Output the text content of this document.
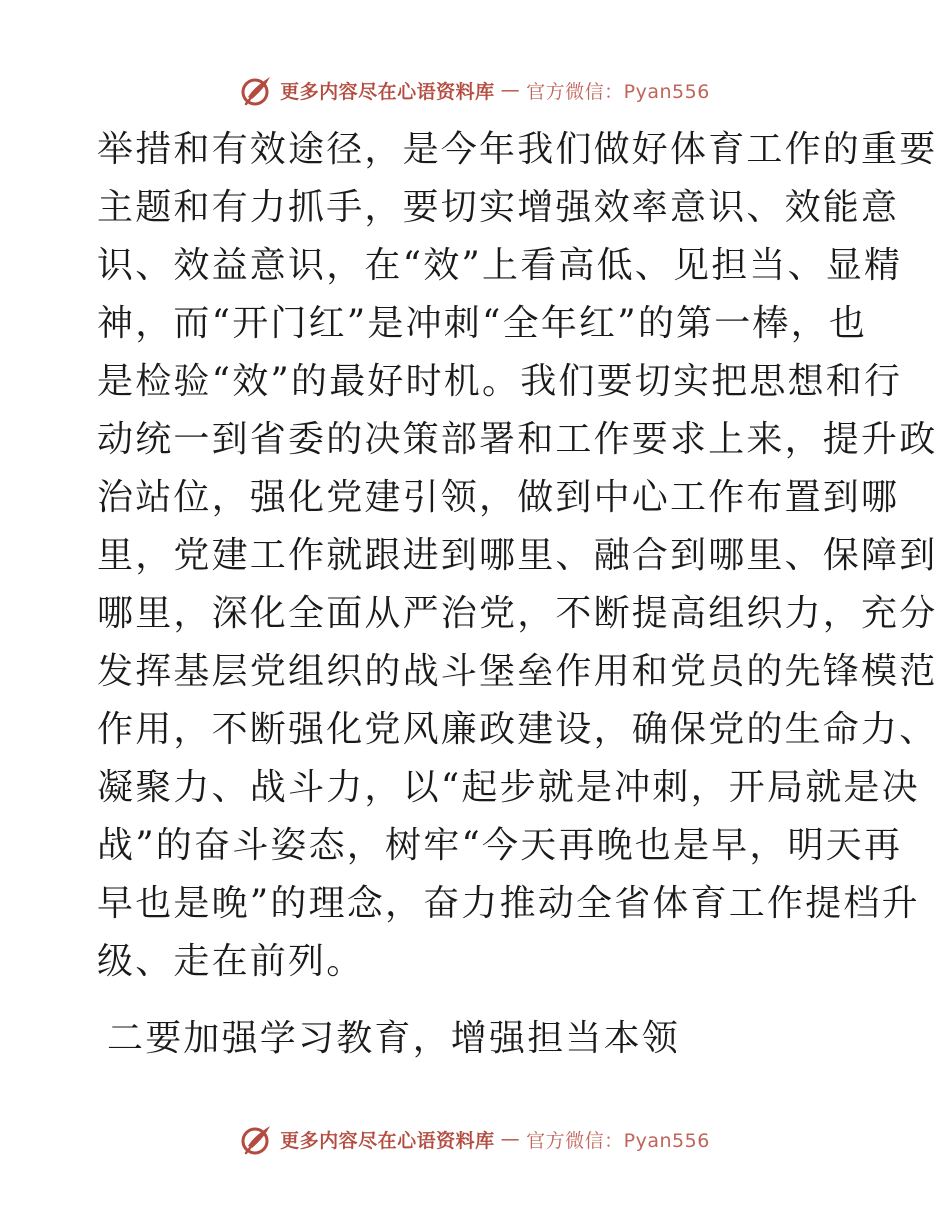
更多内容尽在心语资料库 — 官方微信：Pyan556
举措和有效途径，是今年我们做好体育工作的重要
主题和有力抓手，要切实增强效率意识、效能意
识、效益意识，在“效”上看高低、见担当、显精
神，而“开门红”是冲刺“全年红”的第一棒，也
是检验“效”的最好时机。我们要切实把思想和行
动统一到省委的决策部署和工作要求上来，提升政
治站位，强化党建引领，做到中心工作布置到哪
里，党建工作就跟进到哪里、融合到哪里、保障到
哪里，深化全面从严治党，不断提高组织力，充分
发挥基层党组织的战斗堡垒作用和党员的先锋模范
作用，不断强化党风廉政建设，确保党的生命力、
凝聚力、战斗力，以“起步就是冲刺，开局就是决
战”的奋斗姿态，树牢“今天再晚也是早，明天再
早也是晚”的理念，奋力推动全省体育工作提档升
级、走在前列。
二要加强学习教育，增强担当本领
更多内容尽在心语资料库 — 官方微信：Pyan556
